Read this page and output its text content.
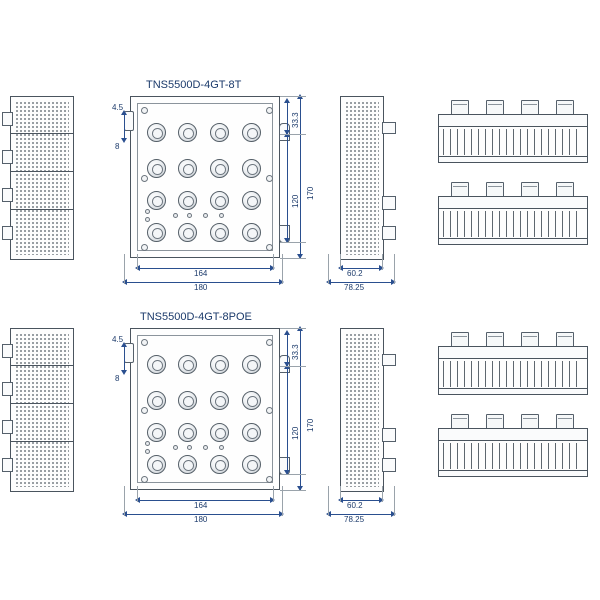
TNS5500D-4GT-8T
4.5
8
33.3
120
170
164
180
60.2
78.25
TNS5500D-4GT-8POE
4.5
8
33.3
120
170
164
180
60.2
78.25
